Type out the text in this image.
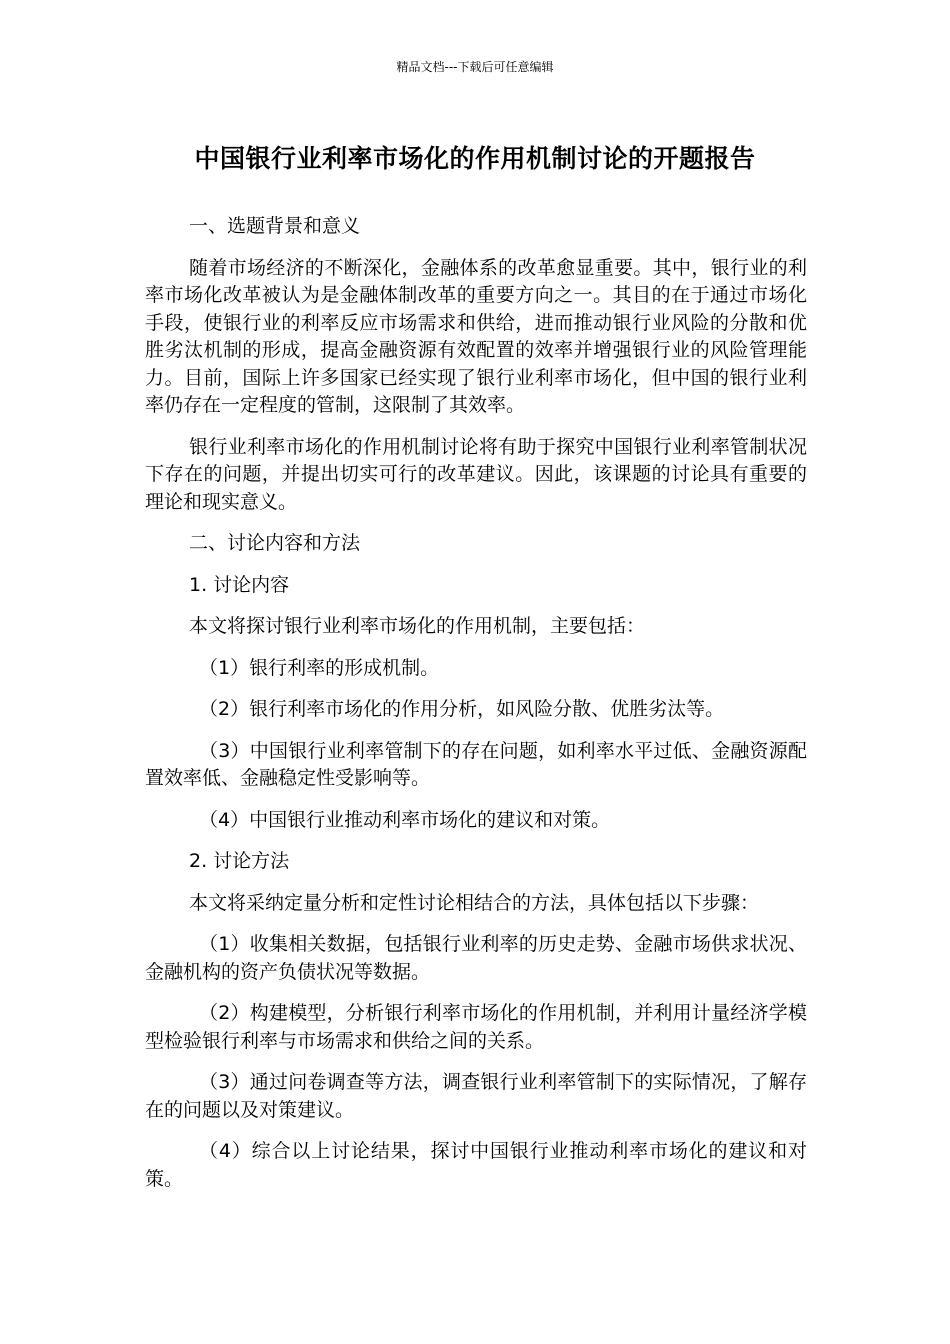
精品文档---下载后可任意编辑
中国银行业利率市场化的作用机制讨论的开题报告

一、选题背景和意义

随着市场经济的不断深化，金融体系的改革愈显重要。其中，银行业的利率市场化改革被认为是金融体制改革的重要方向之一。其目的在于通过市场化手段，使银行业的利率反应市场需求和供给，进而推动银行业风险的分散和优胜劣汰机制的形成，提高金融资源有效配置的效率并增强银行业的风险管理能力。目前，国际上许多国家已经实现了银行业利率市场化，但中国的银行业利率仍存在一定程度的管制，这限制了其效率。

银行业利率市场化的作用机制讨论将有助于探究中国银行业利率管制状况下存在的问题，并提出切实可行的改革建议。因此，该课题的讨论具有重要的理论和现实意义。

二、讨论内容和方法

1. 讨论内容

本文将探讨银行业利率市场化的作用机制，主要包括：

（1）银行利率的形成机制。

（2）银行利率市场化的作用分析，如风险分散、优胜劣汰等。

（3）中国银行业利率管制下的存在问题，如利率水平过低、金融资源配置效率低、金融稳定性受影响等。

（4）中国银行业推动利率市场化的建议和对策。

2. 讨论方法

本文将采纳定量分析和定性讨论相结合的方法，具体包括以下步骤：

（1）收集相关数据，包括银行业利率的历史走势、金融市场供求状况、金融机构的资产负债状况等数据。

（2）构建模型，分析银行利率市场化的作用机制，并利用计量经济学模型检验银行利率与市场需求和供给之间的关系。

（3）通过问卷调查等方法，调查银行业利率管制下的实际情况，了解存在的问题以及对策建议。

（4）综合以上讨论结果，探讨中国银行业推动利率市场化的建议和对策。
